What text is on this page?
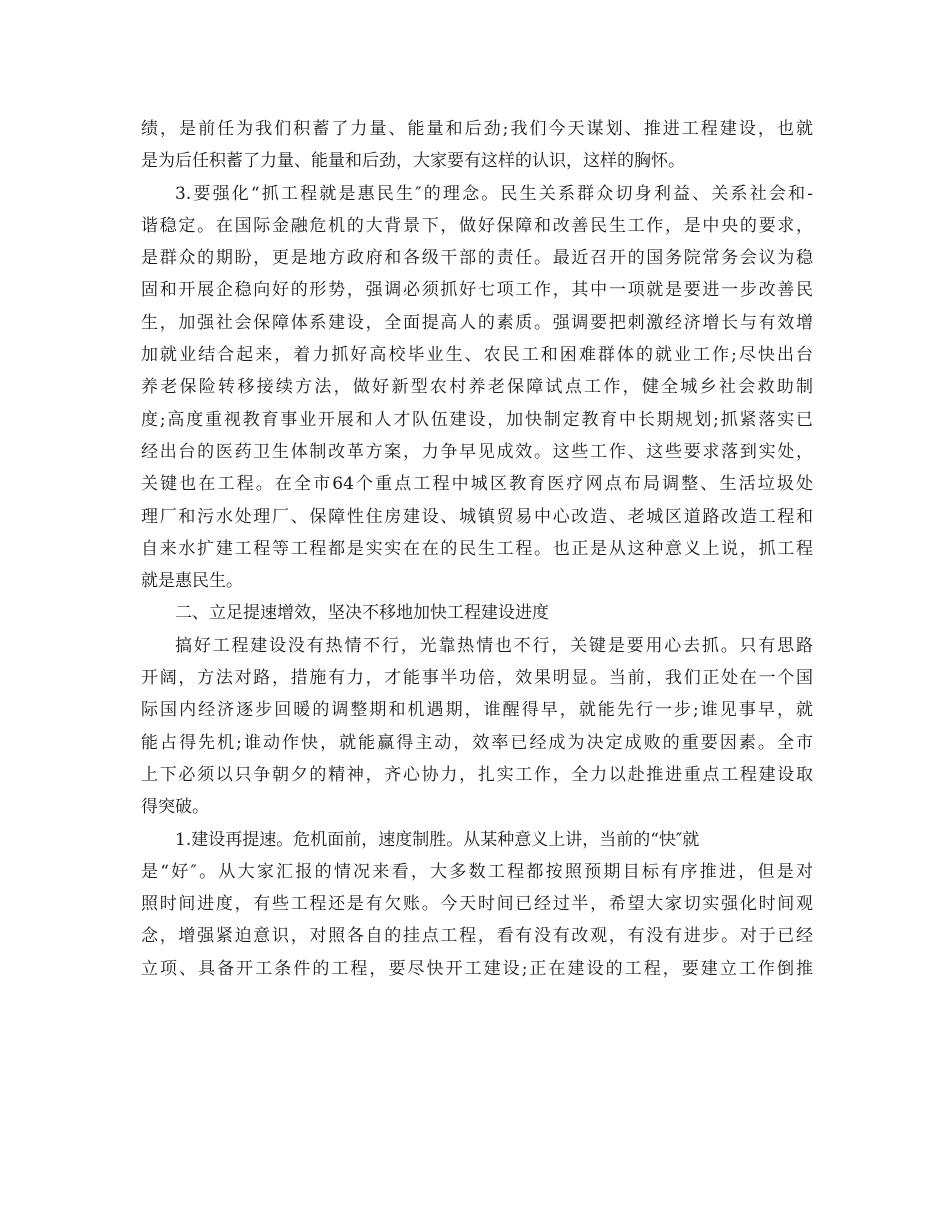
绩，是前任为我们积蓄了力量、能量和后劲;我们今天谋划、推进工程建设，也就
是为后任积蓄了力量、能量和后劲，大家要有这样的认识，这样的胸怀。
3.要强化“抓工程就是惠民生″的理念。民生关系群众切身利益、关系社会和-
谐稳定。在国际金融危机的大背景下，做好保障和改善民生工作，是中央的要求，
是群众的期盼，更是地方政府和各级干部的责任。最近召开的国务院常务会议为稳
固和开展企稳向好的形势，强调必须抓好七项工作，其中一项就是要进一步改善民
生，加强社会保障体系建设，全面提高人的素质。强调要把刺激经济增长与有效增
加就业结合起来，着力抓好高校毕业生、农民工和困难群体的就业工作;尽快出台
养老保险转移接续方法，做好新型农村养老保障试点工作，健全城乡社会救助制
度;高度重视教育事业开展和人才队伍建设，加快制定教育中长期规划;抓紧落实已
经出台的医药卫生体制改革方案，力争早见成效。这些工作、这些要求落到实处，
关键也在工程。在全市64个重点工程中城区教育医疗网点布局调整、生活垃圾处
理厂和污水处理厂、保障性住房建设、城镇贸易中心改造、老城区道路改造工程和
自来水扩建工程等工程都是实实在在的民生工程。也正是从这种意义上说，抓工程
就是惠民生。
二、立足提速增效，坚决不移地加快工程建设进度
搞好工程建设没有热情不行，光靠热情也不行，关键是要用心去抓。只有思路
开阔，方法对路，措施有力，才能事半功倍，效果明显。当前，我们正处在一个国
际国内经济逐步回暖的调整期和机遇期，谁醒得早，就能先行一步;谁见事早，就
能占得先机;谁动作快，就能赢得主动，效率已经成为决定成败的重要因素。全市
上下必须以只争朝夕的精神，齐心协力，扎实工作，全力以赴推进重点工程建设取
得突破。
1.建设再提速。危机面前，速度制胜。从某种意义上讲，当前的“快″就
是“好″。从大家汇报的情况来看，大多数工程都按照预期目标有序推进，但是对
照时间进度，有些工程还是有欠账。今天时间已经过半，希望大家切实强化时间观
念，增强紧迫意识，对照各自的挂点工程，看有没有改观，有没有进步。对于已经
立项、具备开工条件的工程，要尽快开工建设;正在建设的工程，要建立工作倒推
